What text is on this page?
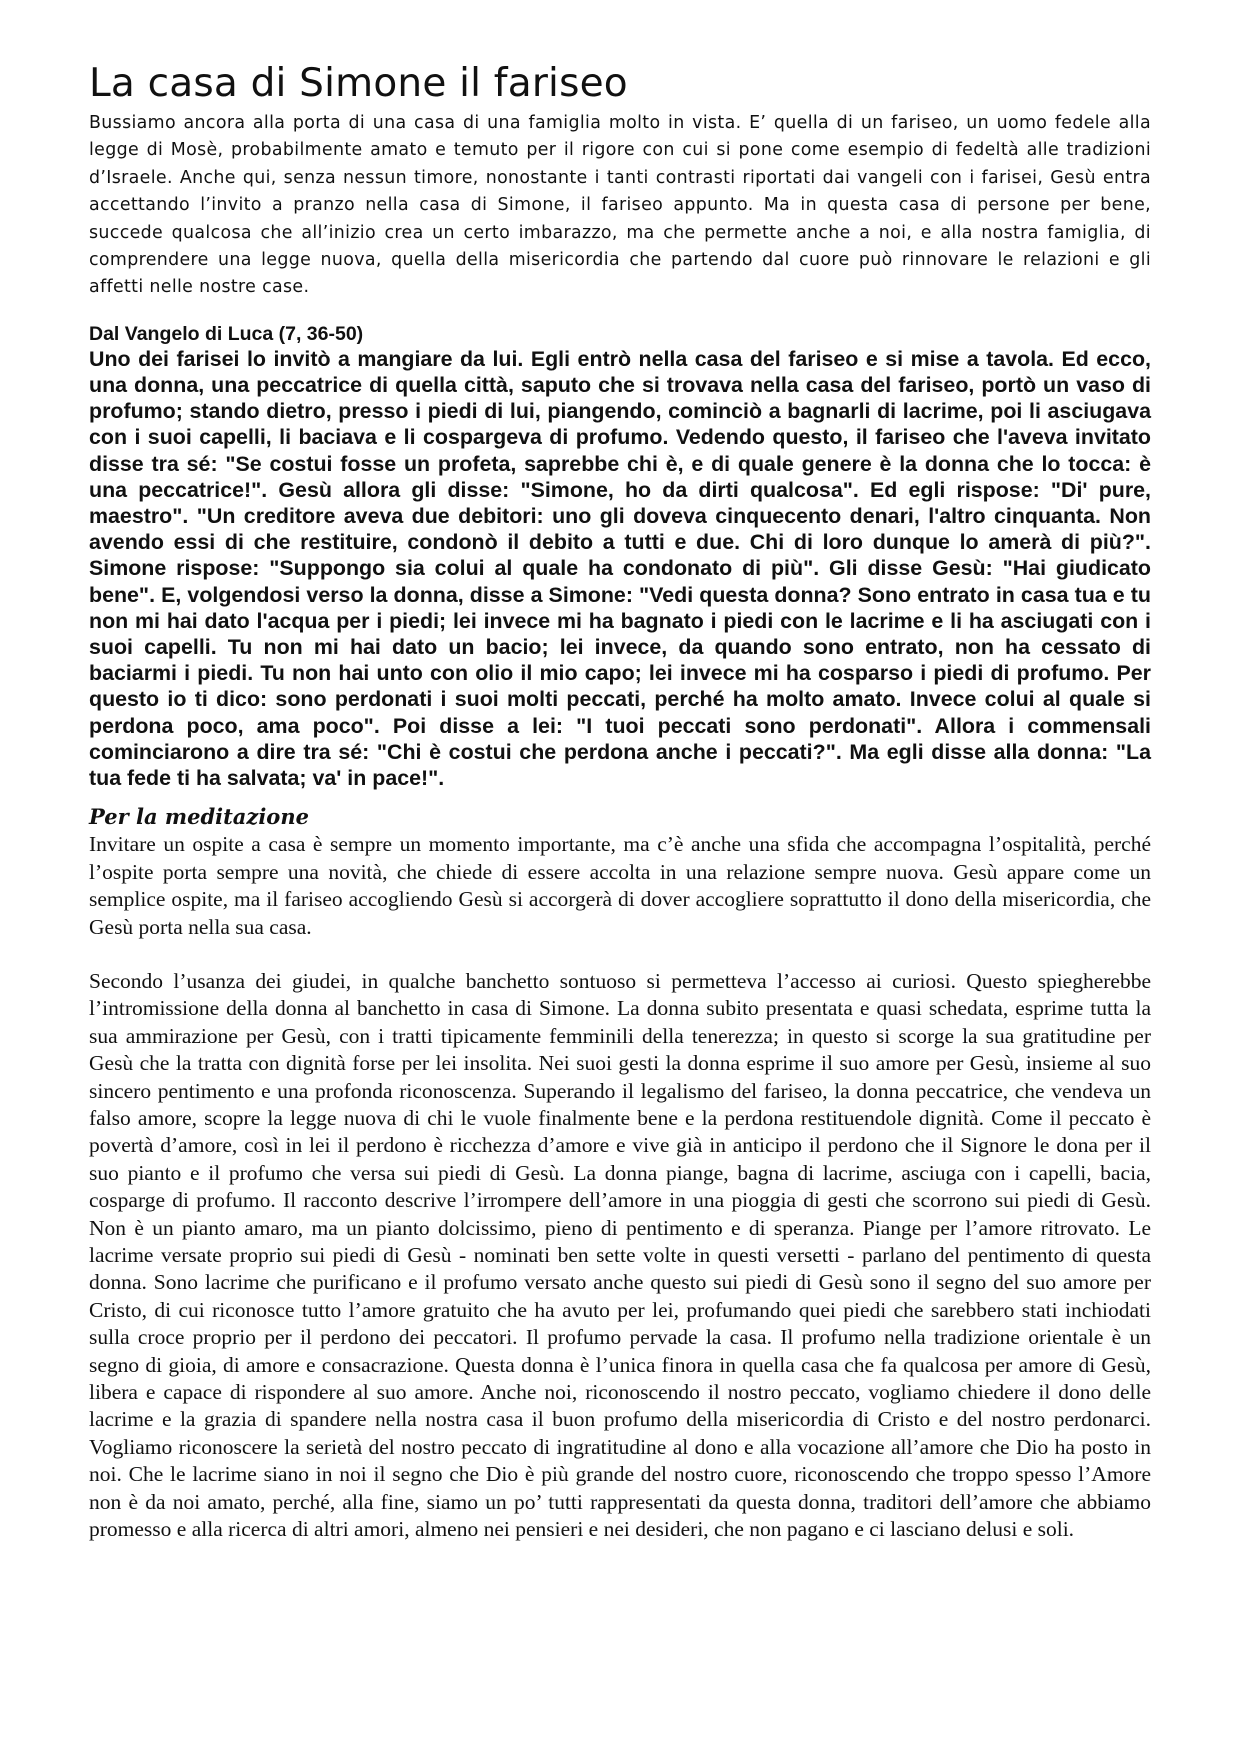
La casa di Simone il fariseo

Bussiamo ancora alla porta di una casa di una famiglia molto in vista. E’ quella di un fariseo, un uomo fedele alla legge di Mosè, probabilmente amato e temuto per il rigore con cui si pone come esempio di fedeltà alle tradizioni d’Israele. Anche qui, senza nessun timore, nonostante i tanti contrasti riportati dai vangeli con i farisei, Gesù entra accettando l’invito a pranzo nella casa di Simone, il fariseo appunto. Ma in questa casa di persone per bene, succede qualcosa che all’inizio crea un certo imbarazzo, ma che permette anche a noi, e alla nostra famiglia, di comprendere una legge nuova, quella della misericordia che partendo dal cuore può rinnovare le relazioni e gli affetti nelle nostre case.

Dal Vangelo di Luca (7, 36-50)

Uno dei farisei lo invitò a mangiare da lui. Egli entrò nella casa del fariseo e si mise a tavola. Ed ecco, una donna, una peccatrice di quella città, saputo che si trovava nella casa del fariseo, portò un vaso di profumo; stando dietro, presso i piedi di lui, piangendo, cominciò a bagnarli di lacrime, poi li asciugava con i suoi capelli, li baciava e li cospargeva di profumo. Vedendo questo, il fariseo che l'aveva invitato disse tra sé: "Se costui fosse un profeta, saprebbe chi è, e di quale genere è la donna che lo tocca: è una peccatrice!". Gesù allora gli disse: "Simone, ho da dirti qualcosa". Ed egli rispose: "Di' pure, maestro". "Un creditore aveva due debitori: uno gli doveva cinquecento denari, l'altro cinquanta. Non avendo essi di che restituire, condonò il debito a tutti e due. Chi di loro dunque lo amerà di più?". Simone rispose: "Suppongo sia colui al quale ha condonato di più". Gli disse Gesù: "Hai giudicato bene". E, volgendosi verso la donna, disse a Simone: "Vedi questa donna? Sono entrato in casa tua e tu non mi hai dato l'acqua per i piedi; lei invece mi ha bagnato i piedi con le lacrime e li ha asciugati con i suoi capelli. Tu non mi hai dato un bacio; lei invece, da quando sono entrato, non ha cessato di baciarmi i piedi. Tu non hai unto con olio il mio capo; lei invece mi ha cosparso i piedi di profumo. Per questo io ti dico: sono perdonati i suoi molti peccati, perché ha molto amato. Invece colui al quale si perdona poco, ama poco". Poi disse a lei: "I tuoi peccati sono perdonati". Allora i commensali cominciarono a dire tra sé: "Chi è costui che perdona anche i peccati?". Ma egli disse alla donna: "La tua fede ti ha salvata; va' in pace!".

Per la meditazione

Invitare un ospite a casa è sempre un momento importante, ma c’è anche una sfida che accompagna l’ospitalità, perché l’ospite porta sempre una novità, che chiede di essere accolta in una relazione sempre nuova. Gesù appare come un semplice ospite, ma il fariseo accogliendo Gesù si accorgerà di dover accogliere soprattutto il dono della misericordia, che Gesù porta nella sua casa.

Secondo l’usanza dei giudei, in qualche banchetto sontuoso si permetteva l’accesso ai curiosi. Questo spiegherebbe l’intromissione della donna al banchetto in casa di Simone. La donna subito presentata e quasi schedata, esprime tutta la sua ammirazione per Gesù, con i tratti tipicamente femminili della tenerezza; in questo si scorge la sua gratitudine per Gesù che la tratta con dignità forse per lei insolita. Nei suoi gesti la donna esprime il suo amore per Gesù, insieme al suo sincero pentimento e una profonda riconoscenza. Superando il legalismo del fariseo, la donna peccatrice, che vendeva un falso amore, scopre la legge nuova di chi le vuole finalmente bene e la perdona restituendole dignità. Come il peccato è povertà d’amore, così in lei il perdono è ricchezza d’amore e vive già in anticipo il perdono che il Signore le dona per il suo pianto e il profumo che versa sui piedi di Gesù. La donna piange, bagna di lacrime, asciuga con i capelli, bacia, cosparge di profumo. Il racconto descrive l’irrompere dell’amore in una pioggia di gesti che scorrono sui piedi di Gesù. Non è un pianto amaro, ma un pianto dolcissimo, pieno di pentimento e di speranza. Piange per l’amore ritrovato. Le lacrime versate proprio sui piedi di Gesù - nominati ben sette volte in questi versetti - parlano del pentimento di questa donna. Sono lacrime che purificano e il profumo versato anche questo sui piedi di Gesù sono il segno del suo amore per Cristo, di cui riconosce tutto l’amore gratuito che ha avuto per lei, profumando quei piedi che sarebbero stati inchiodati sulla croce proprio per il perdono dei peccatori. Il profumo pervade la casa. Il profumo nella tradizione orientale è un segno di gioia, di amore e consacrazione. Questa donna è l’unica finora in quella casa che fa qualcosa per amore di Gesù, libera e capace di rispondere al suo amore. Anche noi, riconoscendo il nostro peccato, vogliamo chiedere il dono delle lacrime e la grazia di spandere nella nostra casa il buon profumo della misericordia di Cristo e del nostro perdonarci. Vogliamo riconoscere la serietà del nostro peccato di ingratitudine al dono e alla vocazione all’amore che Dio ha posto in noi. Che le lacrime siano in noi il segno che Dio è più grande del nostro cuore, riconoscendo che troppo spesso l’Amore non è da noi amato, perché, alla fine, siamo un po’ tutti rappresentati da questa donna, traditori dell’amore che abbiamo promesso e alla ricerca di altri amori, almeno nei pensieri e nei desideri, che non pagano e ci lasciano delusi e soli.
